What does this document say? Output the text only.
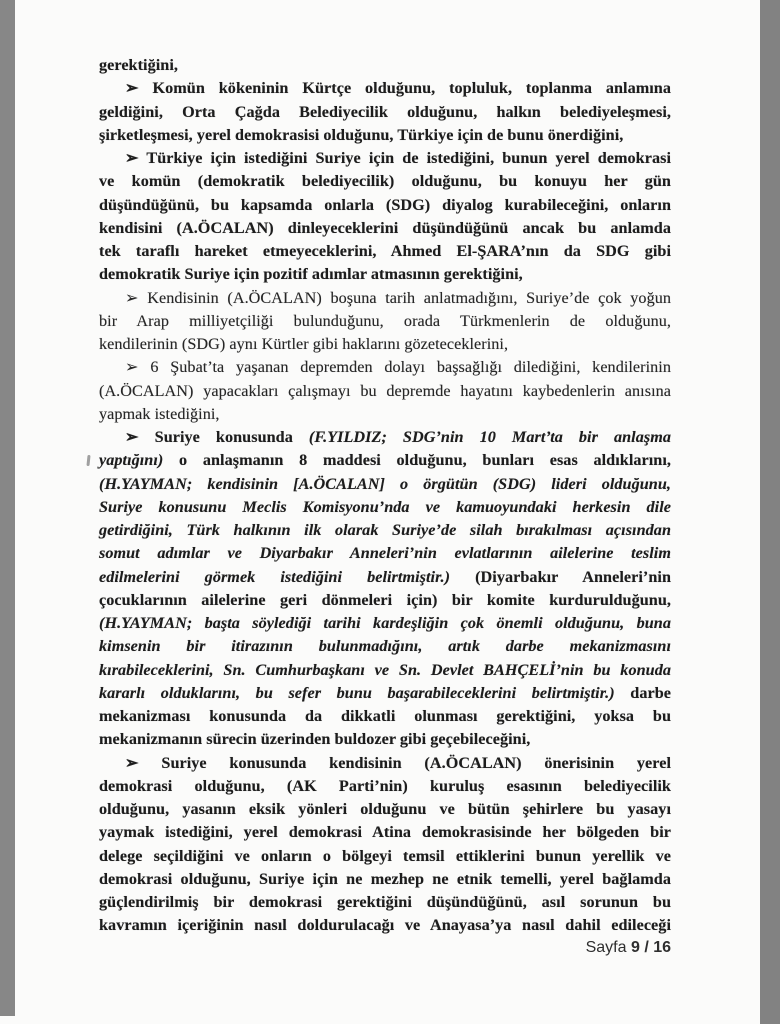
gerektiğini,
➢ Komün kökeninin Kürtçe olduğunu, topluluk, toplanma anlamına
geldiğini, Orta Çağda Belediyecilik olduğunu, halkın belediyeleşmesi,
şirketleşmesi, yerel demokrasisi olduğunu, Türkiye için de bunu önerdiğini,
➢ Türkiye için istediğini Suriye için de istediğini, bunun yerel demokrasi
ve komün (demokratik belediyecilik) olduğunu, bu konuyu her gün
düşündüğünü, bu kapsamda onlarla (SDG) diyalog kurabileceğini, onların
kendisini (A.ÖCALAN) dinleyeceklerini düşündüğünü ancak bu anlamda
tek taraflı hareket etmeyeceklerini, Ahmed El-ŞARA’nın da SDG gibi
demokratik Suriye için pozitif adımlar atmasının gerektiğini,
➢ Kendisinin (A.ÖCALAN) boşuna tarih anlatmadığını, Suriye’de çok yoğun
bir Arap milliyetçiliği bulunduğunu, orada Türkmenlerin de olduğunu,
kendilerinin (SDG) aynı Kürtler gibi haklarını gözeteceklerini,
➢ 6 Şubat’ta yaşanan depremden dolayı başsağlığı dilediğini, kendilerinin
(A.ÖCALAN) yapacakları çalışmayı bu depremde hayatını kaybedenlerin anısına
yapmak istediğini,
➢ Suriye konusunda (F.YILDIZ; SDG’nin 10 Mart’ta bir anlaşma
yaptığını) o anlaşmanın 8 maddesi olduğunu, bunları esas aldıklarını,
(H.YAYMAN; kendisinin [A.ÖCALAN] o örgütün (SDG) lideri olduğunu,
Suriye konusunu Meclis Komisyonu’nda ve kamuoyundaki herkesin dile
getirdiğini, Türk halkının ilk olarak Suriye’de silah bırakılması açısından
somut adımlar ve Diyarbakır Anneleri’nin evlatlarının ailelerine teslim
edilmelerini görmek istediğini belirtmiştir.) (Diyarbakır Anneleri’nin
çocuklarının ailelerine geri dönmeleri için) bir komite kurdurulduğunu,
(H.YAYMAN; başta söylediği tarihi kardeşliğin çok önemli olduğunu, buna
kimsenin bir itirazının bulunmadığını, artık darbe mekanizmasını
kırabileceklerini, Sn. Cumhurbaşkanı ve Sn. Devlet BAHÇELİ’nin bu konuda
kararlı olduklarını, bu sefer bunu başarabileceklerini belirtmiştir.) darbe
mekanizması konusunda da dikkatli olunması gerektiğini, yoksa bu
mekanizmanın sürecin üzerinden buldozer gibi geçebileceğini,
➢ Suriye konusunda kendisinin (A.ÖCALAN) önerisinin yerel
demokrasi olduğunu, (AK Parti’nin) kuruluş esasının belediyecilik
olduğunu, yasanın eksik yönleri olduğunu ve bütün şehirlere bu yasayı
yaymak istediğini, yerel demokrasi Atina demokrasisinde her bölgeden bir
delege seçildiğini ve onların o bölgeyi temsil ettiklerini bunun yerellik ve
demokrasi olduğunu, Suriye için ne mezhep ne etnik temelli, yerel bağlamda
güçlendirilmiş bir demokrasi gerektiğini düşündüğünü, asıl sorunun bu
kavramın içeriğinin nasıl doldurulacağı ve Anayasa’ya nasıl dahil edileceği
Sayfa 9 / 16
